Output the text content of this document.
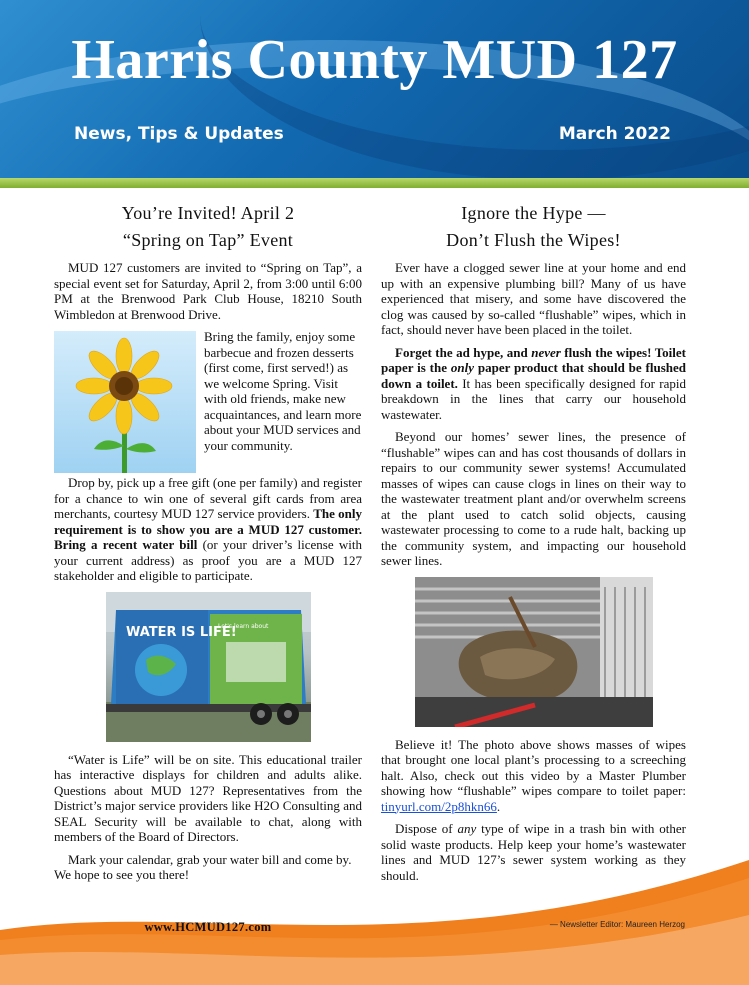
Harris County MUD 127
News, Tips & Updates	March 2022
You’re Invited! April 2
“Spring on Tap” Event

MUD 127 customers are invited to “Spring on Tap”, a special event set for Saturday, April 2, from 3:00 until 6:00 PM at the Brenwood Park Club House, 18210 South Wimbledon at Brenwood Drive.

Bring the family, enjoy some barbecue and frozen desserts (first come, first served!) as we welcome Spring. Visit with old friends, make new acquaintances, and learn more about your MUD services and your community.

Drop by, pick up a free gift (one per family) and register for a chance to win one of several gift cards from area merchants, courtesy MUD 127 service providers. The only requirement is to show you are a MUD 127 customer. Bring a recent water bill (or your driver’s license with your current address) as proof you are a MUD 127 stakeholder and eligible to participate.

WATER IS LIFE!
Let's learn about

“Water is Life” will be on site. This educational trailer has interactive displays for children and adults alike. Questions about MUD 127? Representatives from the District’s major service providers like H2O Consulting and SEAL Security will be available to chat, along with members of the Board of Directors.

Mark your calendar, grab your water bill and come by. We hope to see you there!

Ignore the Hype —
Don’t Flush the Wipes!

Ever have a clogged sewer line at your home and end up with an expensive plumbing bill? Many of us have experienced that misery, and some have discovered the clog was caused by so-called “flushable” wipes, which in fact, should never have been placed in the toilet.

Forget the ad hype, and never flush the wipes! Toilet paper is the only paper product that should be flushed down a toilet. It has been specifically designed for rapid breakdown in the lines that carry our household wastewater.

Beyond our homes’ sewer lines, the presence of “flushable” wipes can and has cost thousands of dollars in repairs to our community sewer systems! Accumulated masses of wipes can cause clogs in lines on their way to the wastewater treatment plant and/or overwhelm screens at the plant used to catch solid objects, causing wastewater processing to come to a rude halt, backing up the community system, and impacting our household sewer lines.

Believe it! The photo above shows masses of wipes that brought one local plant’s processing to a screeching halt. Also, check out this video by a Master Plumber showing how “flushable” wipes compare to toilet paper: tinyurl.com/2p8hkn66.

Dispose of any type of wipe in a trash bin with other solid waste products. Help keep your home’s wastewater lines and MUD 127’s sewer system working as they should.

www.HCMUD127.com	— Newsletter Editor: Maureen Herzog
